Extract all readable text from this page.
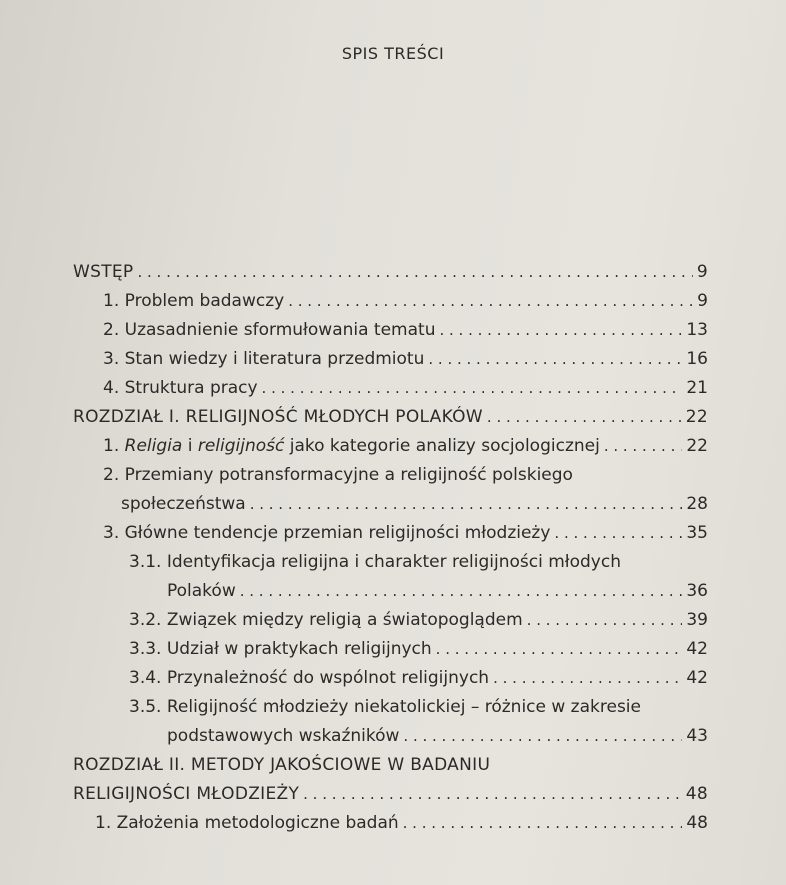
SPIS TREŚCI
WSTĘP . . .	9
1. Problem badawczy . . .	9
2. Uzasadnienie sformułowania tematu . . .	13
3. Stan wiedzy i literatura przedmiotu . . .	16
4. Struktura pracy . . .	21
ROZDZIAŁ I. RELIGIJNOŚĆ MŁODYCH POLAKÓW . . .	22
1. Religia i religijność jako kategorie analizy socjologicznej . . .	22
2. Przemiany potransformacyjne a religijność polskiego
społeczeństwa . . .	28
3. Główne tendencje przemian religijności młodzieży . . .	35
3.1. Identyfikacja religijna i charakter religijności młodych
Polaków . . .	36
3.2. Związek między religią a światopoglądem . . .	39
3.3. Udział w praktykach religijnych . . .	42
3.4. Przynależność do wspólnot religijnych . . .	42
3.5. Religijność młodzieży niekatolickiej – różnice w zakresie
podstawowych wskaźników . . .	43
ROZDZIAŁ II. METODY JAKOŚCIOWE W BADANIU
RELIGIJNOŚCI MŁODZIEŻY . . .	48
1. Założenia metodologiczne badań . . .	48
